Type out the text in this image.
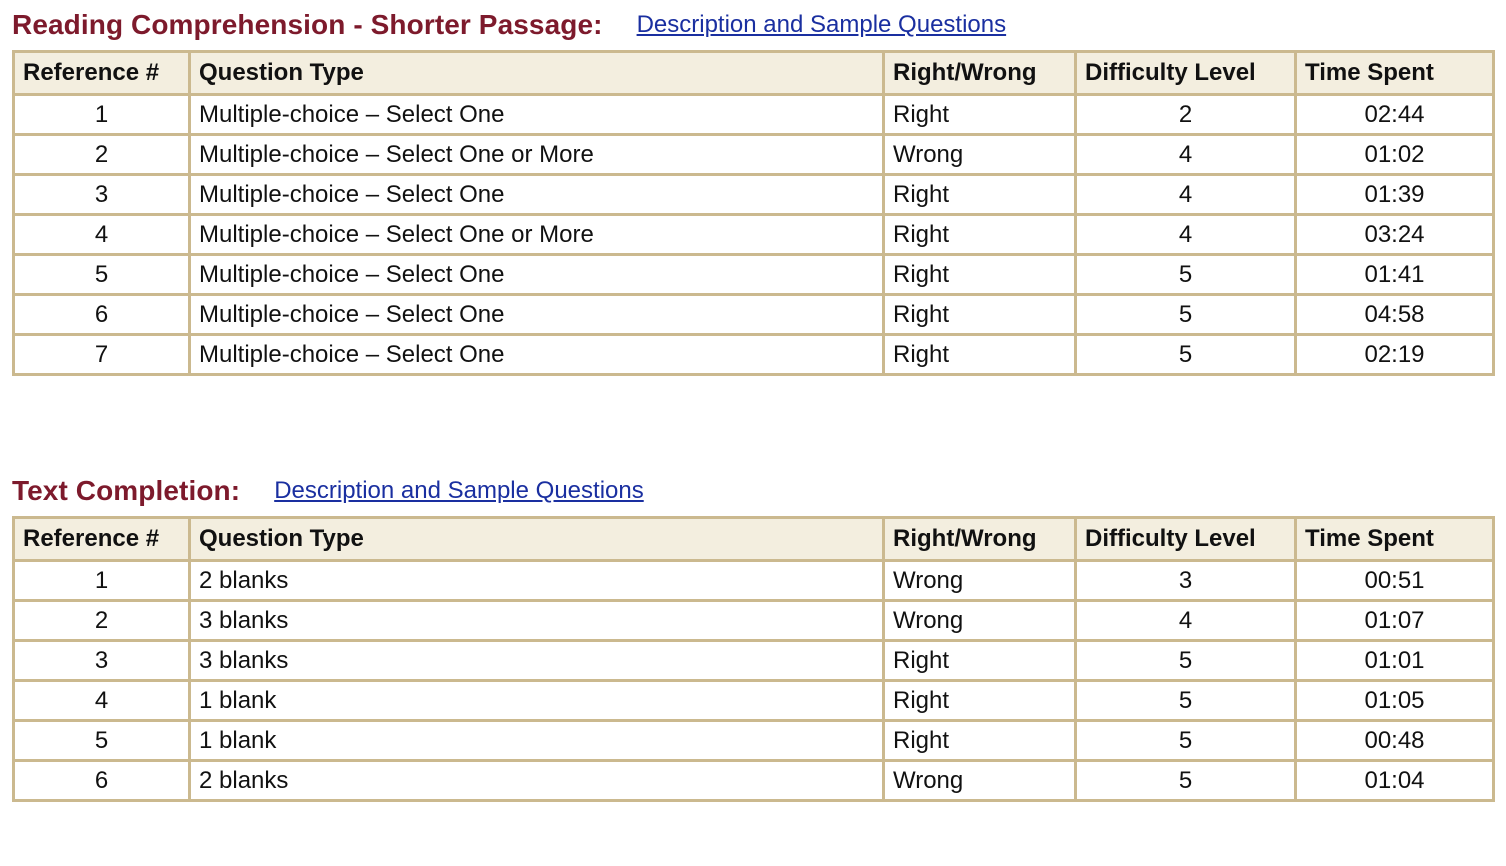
Reading Comprehension - Shorter Passage: Description and Sample Questions
Reference #	Question Type	Right/Wrong	Difficulty Level	Time Spent
1	Multiple-choice – Select One	Right	2	02:44
2	Multiple-choice – Select One or More	Wrong	4	01:02
3	Multiple-choice – Select One	Right	4	01:39
4	Multiple-choice – Select One or More	Right	4	03:24
5	Multiple-choice – Select One	Right	5	01:41
6	Multiple-choice – Select One	Right	5	04:58
7	Multiple-choice – Select One	Right	5	02:19
Text Completion: Description and Sample Questions
Reference #	Question Type	Right/Wrong	Difficulty Level	Time Spent
1	2 blanks	Wrong	3	00:51
2	3 blanks	Wrong	4	01:07
3	3 blanks	Right	5	01:01
4	1 blank	Right	5	01:05
5	1 blank	Right	5	00:48
6	2 blanks	Wrong	5	01:04
